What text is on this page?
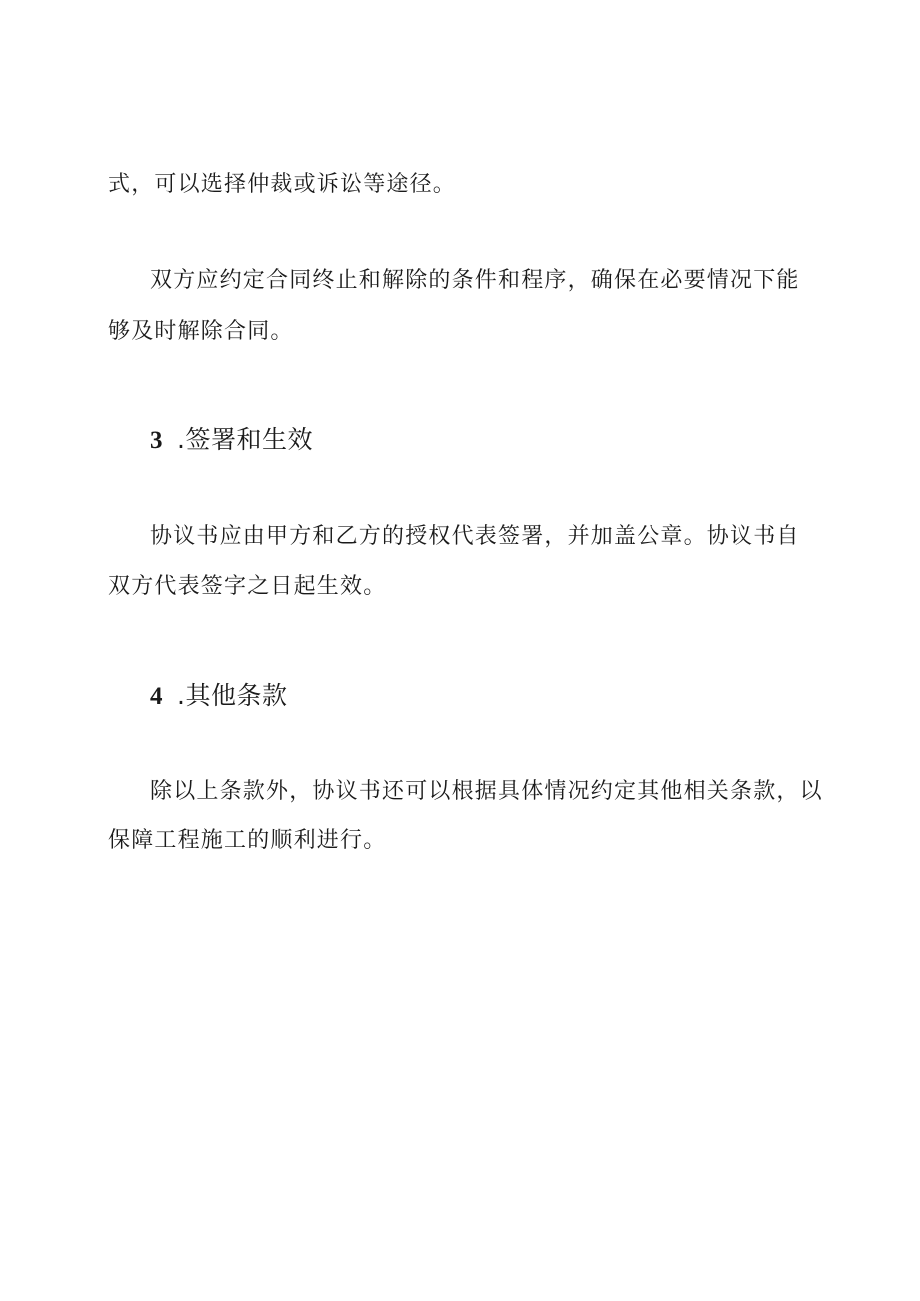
式，可以选择仲裁或诉讼等途径。
双方应约定合同终止和解除的条件和程序，确保在必要情况下能
够及时解除合同。
3 .签署和生效
协议书应由甲方和乙方的授权代表签署，并加盖公章。协议书自
双方代表签字之日起生效。
4 .其他条款
除以上条款外，协议书还可以根据具体情况约定其他相关条款，以
保障工程施工的顺利进行。
